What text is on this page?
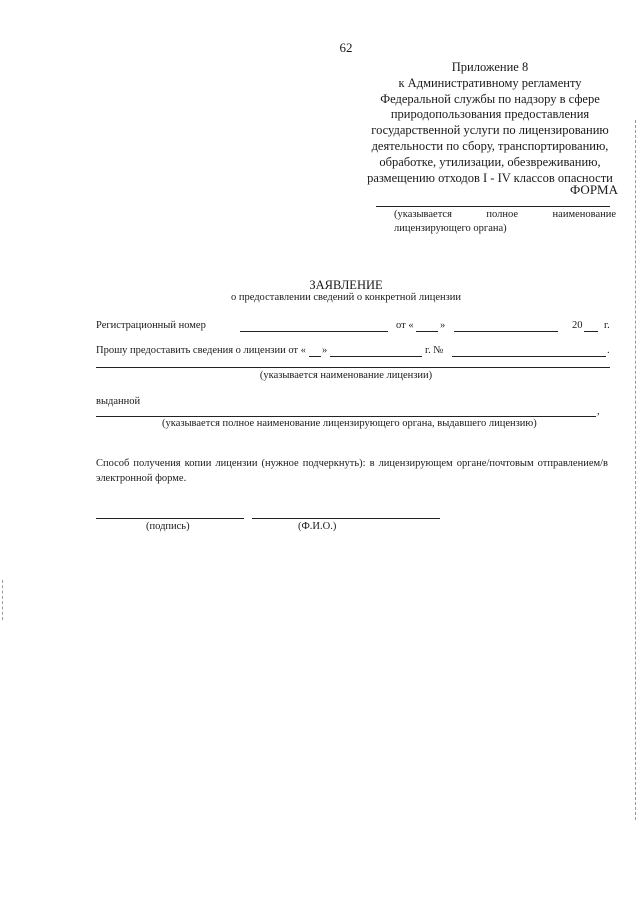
62
Приложение 8
к Административному регламенту
Федеральной службы по надзору в сфере
природопользования предоставления
государственной услуги по лицензированию
деятельности по сбору, транспортированию,
обработке, утилизации, обезвреживанию,
размещению отходов I - IV классов опасности
ФОРМА
(указывается	полное	наименование
лицензирующего органа)
ЗАЯВЛЕНИЕ
о предоставлении сведений о конкретной лицензии
Регистрационный номер	от «	»	20 г.
Прошу предоставить сведения о лицензии от « »	г. №	.
(указывается наименование лицензии)
выданной
,
(указывается полное наименование лицензирующего органа, выдавшего лицензию)
Способ получения копии лицензии (нужное подчеркнуть): в лицензирующем органе/почтовым отправлением/в электронной форме.
(подпись)	(Ф.И.О.)
